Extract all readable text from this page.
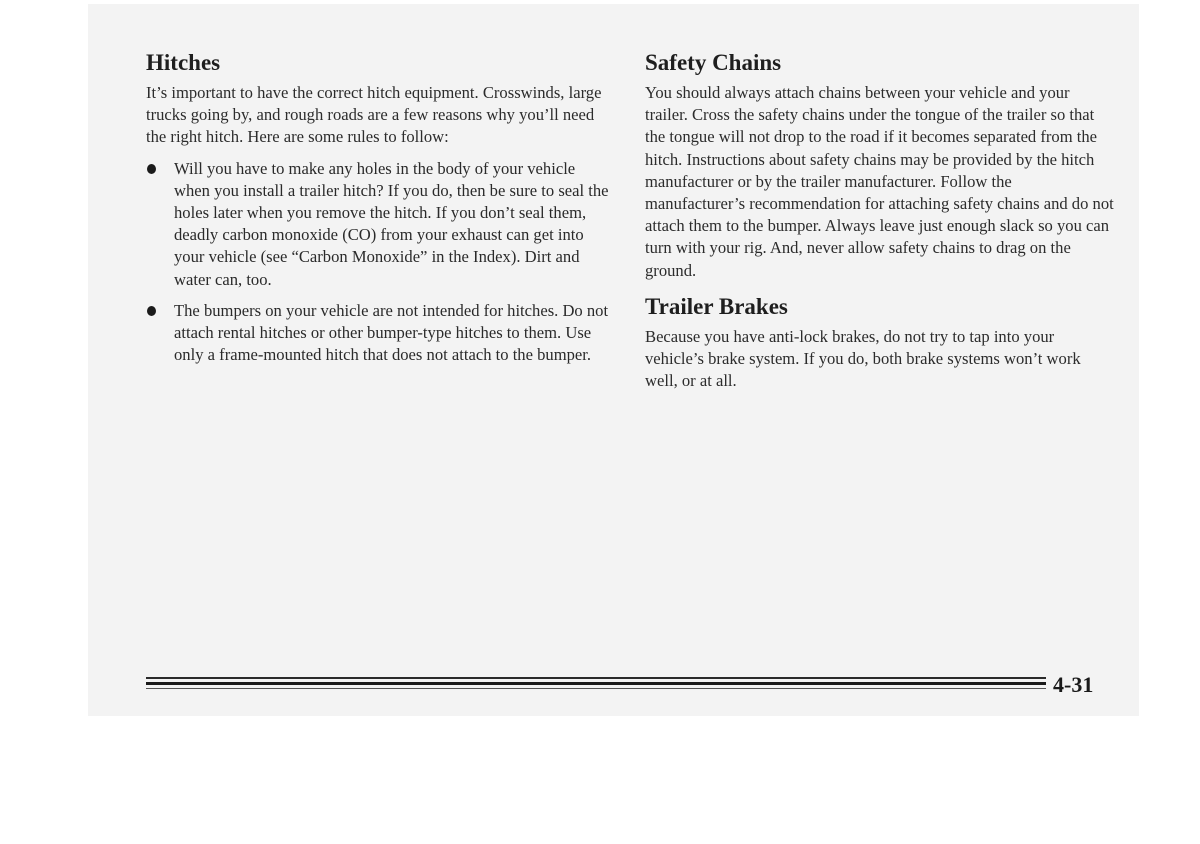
Hitches

It’s important to have the correct hitch equipment. Crosswinds, large trucks going by, and rough roads are a few reasons why you’ll need the right hitch. Here are some rules to follow:

Will you have to make any holes in the body of your vehicle when you install a trailer hitch? If you do, then be sure to seal the holes later when you remove the hitch. If you don’t seal them, deadly carbon monoxide (CO) from your exhaust can get into your vehicle (see “Carbon Monoxide” in the Index). Dirt and water can, too.
The bumpers on your vehicle are not intended for hitches. Do not attach rental hitches or other bumper-type hitches to them. Use only a frame-mounted hitch that does not attach to the bumper.
Safety Chains

You should always attach chains between your vehicle and your trailer. Cross the safety chains under the tongue of the trailer so that the tongue will not drop to the road if it becomes separated from the hitch. Instructions about safety chains may be provided by the hitch manufacturer or by the trailer manufacturer. Follow the manufacturer’s recommendation for attaching safety chains and do not attach them to the bumper. Always leave just enough slack so you can turn with your rig. And, never allow safety chains to drag on the ground.

Trailer Brakes

Because you have anti-lock brakes, do not try to tap into your vehicle’s brake system. If you do, both brake systems won’t work well, or at all.

4-31
